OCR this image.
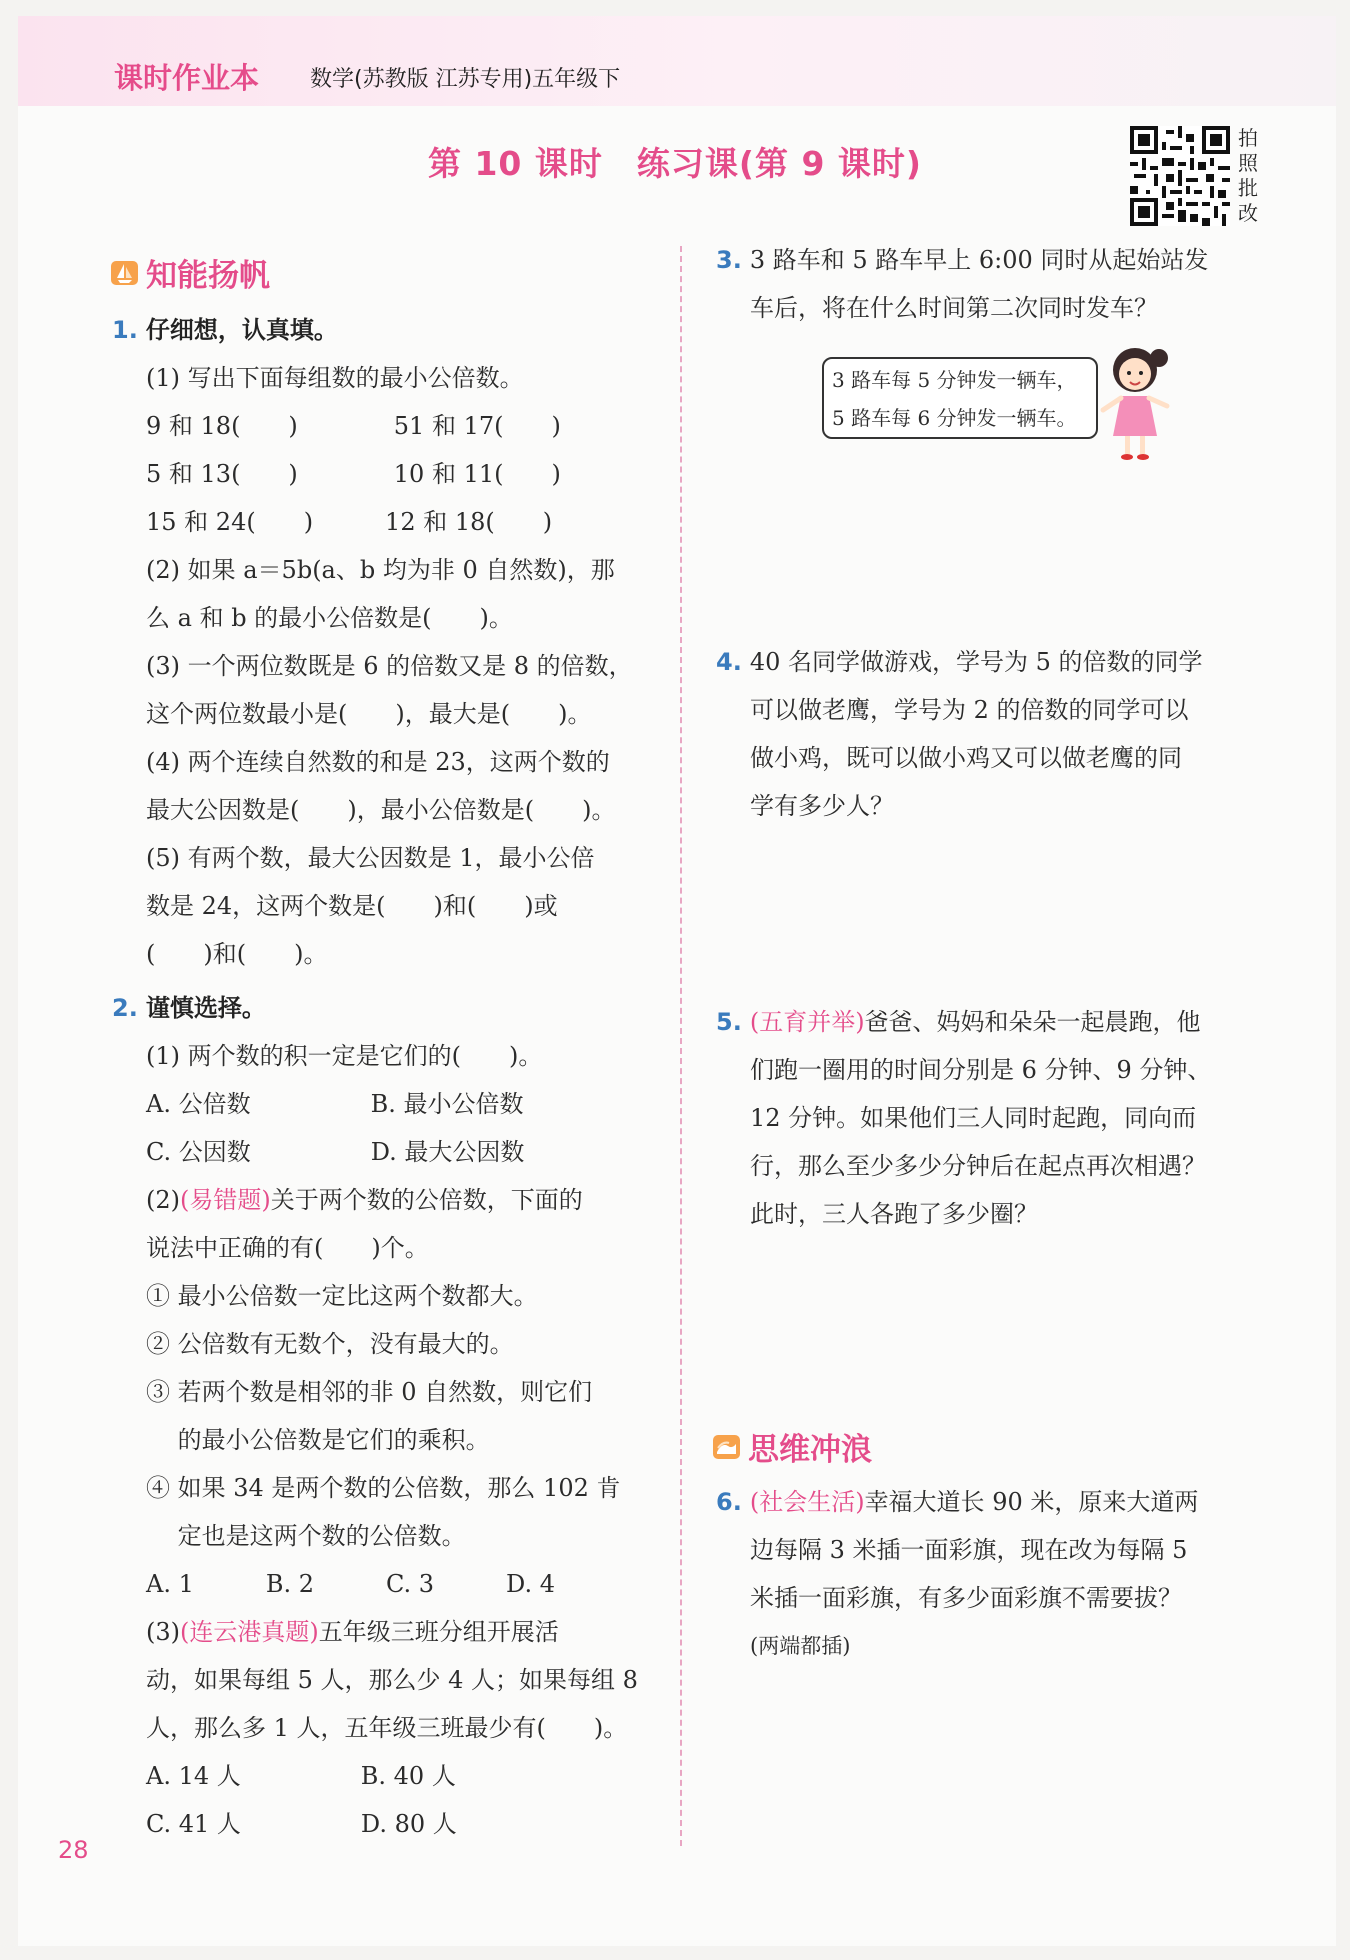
课时作业本 数学(苏教版 江苏专用)五年级下
第 10 课时　练习课(第 9 课时)
拍
照
批
改
知能扬帆
1. 仔细想，认真填。
(1) 写出下面每组数的最小公倍数。
9 和 18(　　)　　　　51 和 17(　　)
5 和 13(　　)　　　　10 和 11(　　)
15 和 24(　　)　　　12 和 18(　　)
(2) 如果 a＝5b(a、b 均为非 0 自然数)，那
么 a 和 b 的最小公倍数是(　　)。
(3) 一个两位数既是 6 的倍数又是 8 的倍数，
这个两位数最小是(　　)，最大是(　　)。
(4) 两个连续自然数的和是 23，这两个数的
最大公因数是(　　)，最小公倍数是(　　)。
(5) 有两个数，最大公因数是 1，最小公倍
数是 24，这两个数是(　　)和(　　)或
(　　)和(　　)。
2. 谨慎选择。
(1) 两个数的积一定是它们的(　　)。
A. 公倍数　　　　　B. 最小公倍数
C. 公因数　　　　　D. 最大公因数
(2)(易错题)关于两个数的公倍数，下面的
说法中正确的有(　　)个。
① 最小公倍数一定比这两个数都大。
② 公倍数有无数个，没有最大的。
③ 若两个数是相邻的非 0 自然数，则它们
　 的最小公倍数是它们的乘积。
④ 如果 34 是两个数的公倍数，那么 102 肯
　 定也是这两个数的公倍数。
A. 1　　　B. 2　　　C. 3　　　D. 4
(3)(连云港真题)五年级三班分组开展活
动，如果每组 5 人，那么少 4 人；如果每组 8
人，那么多 1 人，五年级三班最少有(　　)。
A. 14 人　　　　　B. 40 人
C. 41 人　　　　　D. 80 人
3. 3 路车和 5 路车早上 6:00 同时从起始站发
车后，将在什么时间第二次同时发车？
3 路车每 5 分钟发一辆车，
5 路车每 6 分钟发一辆车。
4. 40 名同学做游戏，学号为 5 的倍数的同学
可以做老鹰，学号为 2 的倍数的同学可以
做小鸡，既可以做小鸡又可以做老鹰的同
学有多少人？
5. (五育并举)爸爸、妈妈和朵朵一起晨跑，他
们跑一圈用的时间分别是 6 分钟、9 分钟、
12 分钟。如果他们三人同时起跑，同向而
行，那么至少多少分钟后在起点再次相遇？
此时，三人各跑了多少圈？
思维冲浪
6. (社会生活)幸福大道长 90 米，原来大道两
边每隔 3 米插一面彩旗，现在改为每隔 5
米插一面彩旗，有多少面彩旗不需要拔？
(两端都插)
28
